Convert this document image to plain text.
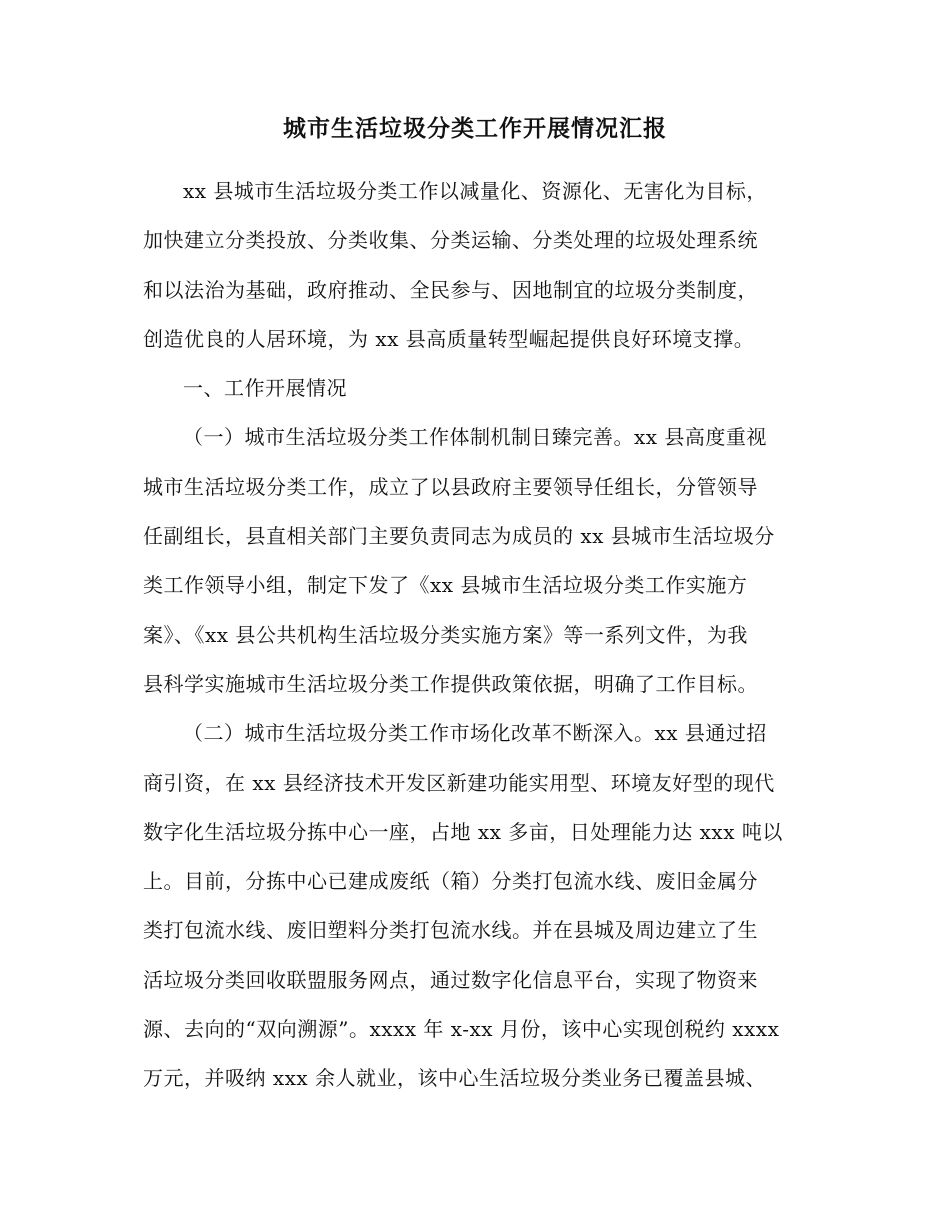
城市生活垃圾分类工作开展情况汇报
xx 县城市生活垃圾分类工作以减量化、资源化、无害化为目标，
加快建立分类投放、分类收集、分类运输、分类处理的垃圾处理系统
和以法治为基础，政府推动、全民参与、因地制宜的垃圾分类制度，
创造优良的人居环境，为 xx 县高质量转型崛起提供良好环境支撑。
一、工作开展情况
（一）城市生活垃圾分类工作体制机制日臻完善。xx 县高度重视
城市生活垃圾分类工作，成立了以县政府主要领导任组长，分管领导
任副组长，县直相关部门主要负责同志为成员的 xx 县城市生活垃圾分
类工作领导小组，制定下发了《xx 县城市生活垃圾分类工作实施方
案》、《xx 县公共机构生活垃圾分类实施方案》等一系列文件，为我
县科学实施城市生活垃圾分类工作提供政策依据，明确了工作目标。
（二）城市生活垃圾分类工作市场化改革不断深入。xx 县通过招
商引资，在 xx 县经济技术开发区新建功能实用型、环境友好型的现代
数字化生活垃圾分拣中心一座，占地 xx 多亩，日处理能力达 xxx 吨以
上。目前，分拣中心已建成废纸（箱）分类打包流水线、废旧金属分
类打包流水线、废旧塑料分类打包流水线。并在县城及周边建立了生
活垃圾分类回收联盟服务网点，通过数字化信息平台，实现了物资来
源、去向的“双向溯源”。xxxx 年 x-xx 月份，该中心实现创税约 xxxx
万元，并吸纳 xxx 余人就业，该中心生活垃圾分类业务已覆盖县城、
